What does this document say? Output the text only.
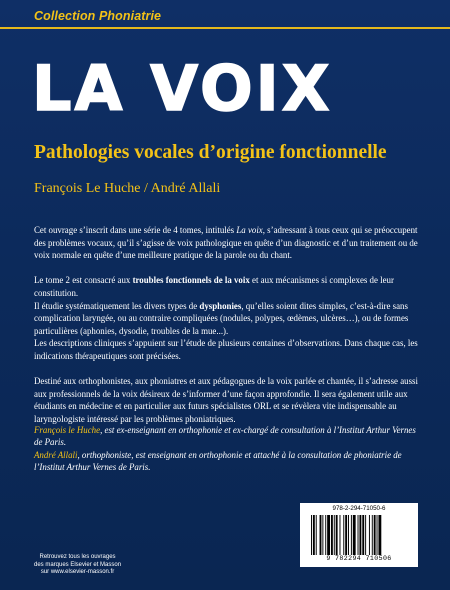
Collection Phoniatrie
LA VOIX
Pathologies vocales d’origine fonctionnelle
François Le Huche / André Allali

Cet ouvrage s’inscrit dans une série de 4 tomes, intitulés La voix, s’adressant à tous ceux qui se préoccupent des problèmes vocaux, qu’il s’agisse de voix pathologique en quête d’un diagnostic et d’un traitement ou de voix normale en quête d’une meilleure pratique de la parole ou du chant.

Le tome 2 est consacré aux troubles fonctionnels de la voix et aux mécanismes si complexes de leur constitution.

Il étudie systématiquement les divers types de dysphonies, qu’elles soient dites simples, c’est-à-dire sans complication laryngée, ou au contraire compliquées (nodules, polypes, œdèmes, ulcères…), ou de formes particulières (aphonies, dysodie, troubles de la mue...).

Les descriptions cliniques s’appuient sur l’étude de plusieurs centaines d’observations. Dans chaque cas, les indications thérapeutiques sont précisées.

Destiné aux orthophonistes, aux phoniatres et aux pédagogues de la voix parlée et chantée, il s’adresse aussi aux professionnels de la voix désireux de s’informer d’une façon approfondie. Il sera également utile aux étudiants en médecine et en particulier aux futurs spécialistes ORL et se révèlera vite indispensable au laryngologiste intéressé par les problèmes phoniatriques.

François le Huche, est ex-enseignant en orthophonie et ex-chargé de consultation à l’Institut Arthur Vernes de Paris.

André Allali, orthophoniste, est enseignant en orthophonie et attaché à la consultation de phoniatrie de l’Institut Arthur Vernes de Paris.

978-2-294-71050-6
9 782294 710506
Retrouvez tous les ouvrages
des marques Elsevier et Masson
sur www.elsevier-masson.fr
